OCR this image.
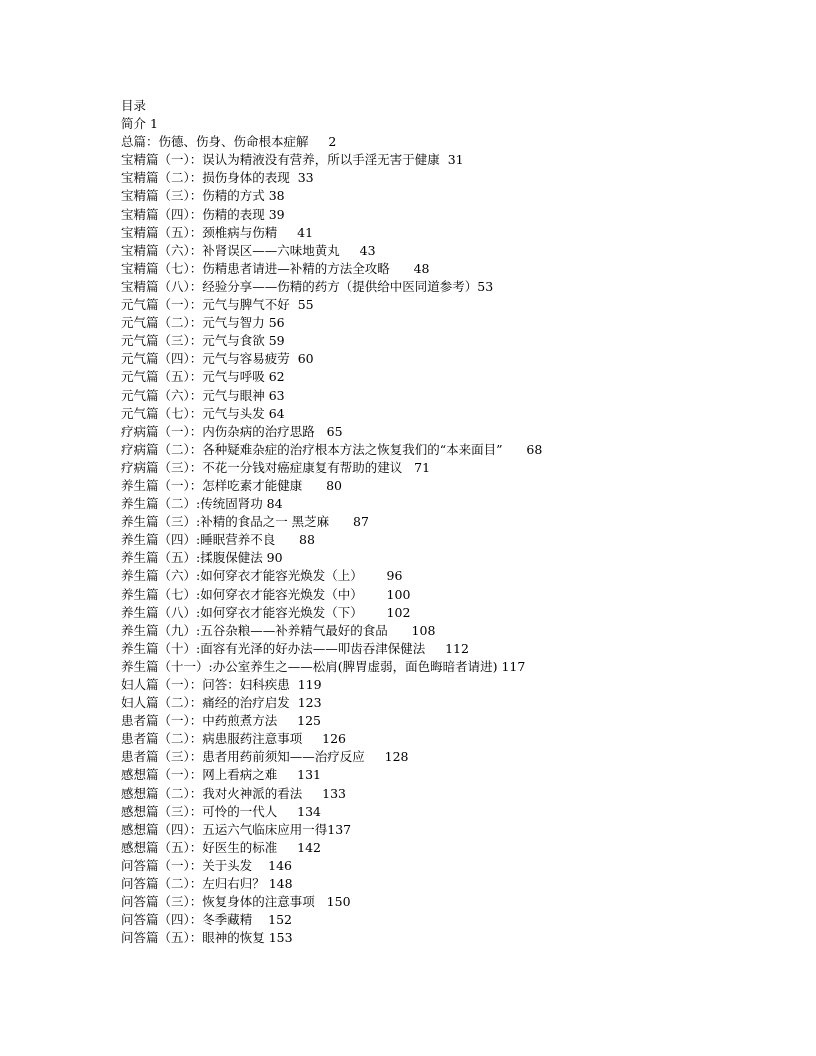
目录
简介 1
总篇：伤德、伤身、伤命根本症解     2
宝精篇（一）：误认为精液没有营养，所以手淫无害于健康  31
宝精篇（二）：损伤身体的表现  33
宝精篇（三）：伤精的方式 38
宝精篇（四）：伤精的表现 39
宝精篇（五）：颈椎病与伤精     41
宝精篇（六）：补肾误区——六味地黄丸     43
宝精篇（七）：伤精患者请进—补精的方法全攻略      48
宝精篇（八）：经验分享——伤精的药方（提供给中医同道参考）53
元气篇（一）：元气与脾气不好  55
元气篇（二）：元气与智力 56
元气篇（三）：元气与食欲 59
元气篇（四）：元气与容易疲劳  60
元气篇（五）：元气与呼吸 62
元气篇（六）：元气与眼神 63
元气篇（七）：元气与头发 64
疗病篇（一）：内伤杂病的治疗思路   65
疗病篇（二）：各种疑难杂症的治疗根本方法之恢复我们的“本来面目”      68
疗病篇（三）：不花一分钱对癌症康复有帮助的建议   71
养生篇（一）：怎样吃素才能健康      80
养生篇（二）:传统固肾功 84
养生篇（三）:补精的食品之一 黑芝麻      87
养生篇（四）:睡眠营养不良      88
养生篇（五）:揉腹保健法 90
养生篇（六）:如何穿衣才能容光焕发（上）      96
养生篇（七）:如何穿衣才能容光焕发（中）      100
养生篇（八）:如何穿衣才能容光焕发（下）      102
养生篇（九）:五谷杂粮——补养精气最好的食品      108
养生篇（十）:面容有光泽的好办法——叩齿吞津保健法     112
养生篇（十一）:办公室养生之——松肩(脾胃虚弱，面色晦暗者请进) 117
妇人篇（一）：问答：妇科疾患  119
妇人篇（二）：痛经的治疗启发  123
患者篇（一）：中药煎煮方法     125
患者篇（二）：病患服药注意事项     126
患者篇（三）：患者用药前须知——治疗反应     128
感想篇（一）：网上看病之难     131
感想篇（二）：我对火神派的看法     133
感想篇（三）：可怜的一代人     134
感想篇（四）：五运六气临床应用一得137
感想篇（五）：好医生的标准     142
问答篇（一）：关于头发    146
问答篇（二）：左归右归？ 148
问答篇（三）：恢复身体的注意事项   150
问答篇（四）：冬季藏精    152
问答篇（五）：眼神的恢复 153
